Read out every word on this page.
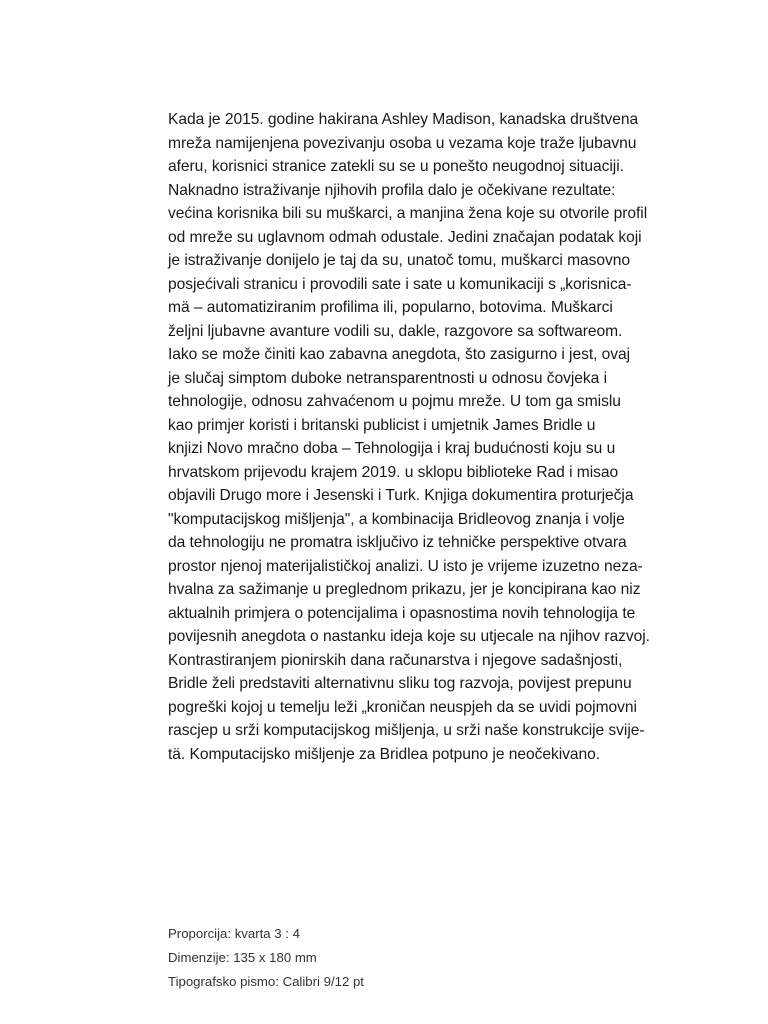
Kada je 2015. godine hakirana Ashley Madison, kanadska društvena
mreža namijenjena povezivanju osoba u vezama koje traže ljubavnu
aferu, korisnici stranice zatekli su se u ponešto neugodnoj situaciji.
Naknadno istraživanje njihovih profila dalo je očekivane rezultate:
većina korisnika bili su muškarci, a manjina žena koje su otvorile profil
od mreže su uglavnom odmah odustale. Jedini značajan podatak koji
je istraživanje donijelo je taj da su, unatoč tomu, muškarci masovno
posjećivali stranicu i provodili sate i sate u komunikaciji s „korisnica-
mä – automatiziranim profilima ili, popularno, botovima. Muškarci
željni ljubavne avanture vodili su, dakle, razgovore sa softwareom.
Iako se može činiti kao zabavna anegdota, što zasigurno i jest, ovaj
je slučaj simptom duboke netransparentnosti u odnosu čovjeka i
tehnologije, odnosu zahvaćenom u pojmu mreže. U tom ga smislu
kao primjer koristi i britanski publicist i umjetnik James Bridle u
knjizi Novo mračno doba – Tehnologija i kraj budućnosti koju su u
hrvatskom prijevodu krajem 2019. u sklopu biblioteke Rad i misao
objavili Drugo more i Jesenski i Turk. Knjiga dokumentira proturječja
"komputacijskog mišljenja", a kombinacija Bridleovog znanja i volje
da tehnologiju ne promatra isključivo iz tehničke perspektive otvara
prostor njenoj materijalističkoj analizi. U isto je vrijeme izuzetno neza-
hvalna za sažimanje u preglednom prikazu, jer je koncipirana kao niz
aktualnih primjera o potencijalima i opasnostima novih tehnologija te
povijesnih anegdota o nastanku ideja koje su utjecale na njihov razvoj.
Kontrastiranjem pionirskih dana računarstva i njegove sadašnjosti,
Bridle želi predstaviti alternativnu sliku tog razvoja, povijest prepunu
pogreški kojoj u temelju leži „kroničan neuspjeh da se uvidi pojmovni
rascjep u srži komputacijskog mišljenja, u srži naše konstrukcije svije-
tä. Komputacijsko mišljenje za Bridlea potpuno je neočekivano.
Proporcija: kvarta 3 : 4
Dimenzije: 135 x 180 mm
Tipografsko pismo: Calibri 9/12 pt
